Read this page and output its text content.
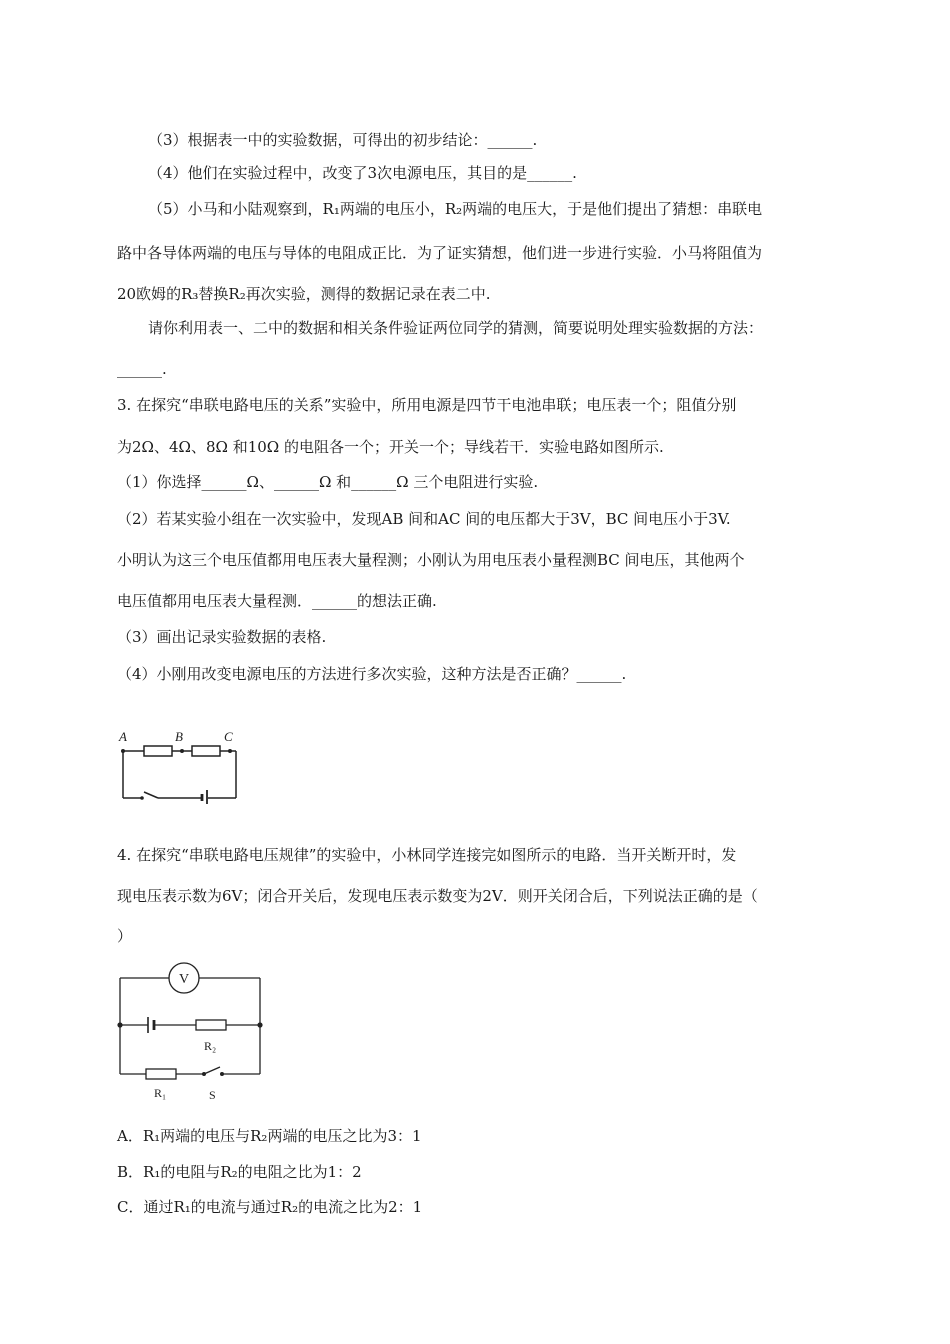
（3）根据表一中的实验数据，可得出的初步结论：______.
（4）他们在实验过程中，改变了3次电源电压，其目的是______.
（5）小马和小陆观察到，R₁两端的电压小，R₂两端的电压大，于是他们提出了猜想：串联电
路中各导体两端的电压与导体的电阻成正比．为了证实猜想，他们进一步进行实验．小马将阻值为
20欧姆的R₃替换R₂再次实验，测得的数据记录在表二中.
请你利用表一、二中的数据和相关条件验证两位同学的猜测，简要说明处理实验数据的方法：
______.
3. 在探究“串联电路电压的关系”实验中，所用电源是四节干电池串联；电压表一个；阻值分别
为2Ω、4Ω、8Ω 和10Ω 的电阻各一个；开关一个；导线若干．实验电路如图所示.
（1）你选择______Ω、______Ω 和______Ω 三个电阻进行实验.
（2）若某实验小组在一次实验中，发现AB 间和AC 间的电压都大于3V，BC 间电压小于3V.
小明认为这三个电压值都用电压表大量程测；小刚认为用电压表小量程测BC 间电压，其他两个
电压值都用电压表大量程测．______的想法正确.
（3）画出记录实验数据的表格.
（4）小刚用改变电源电压的方法进行多次实验，这种方法是否正确？______.
A	B	C
4. 在探究“串联电路电压规律”的实验中，小林同学连接完如图所示的电路．当开关断开时，发
现电压表示数为6V；闭合开关后，发现电压表示数变为2V．则开关闭合后，下列说法正确的是（
）
V
R₂
R₁	S
A．R₁两端的电压与R₂两端的电压之比为3：1
B．R₁的电阻与R₂的电阻之比为1：2
C．通过R₁的电流与通过R₂的电流之比为2：1
